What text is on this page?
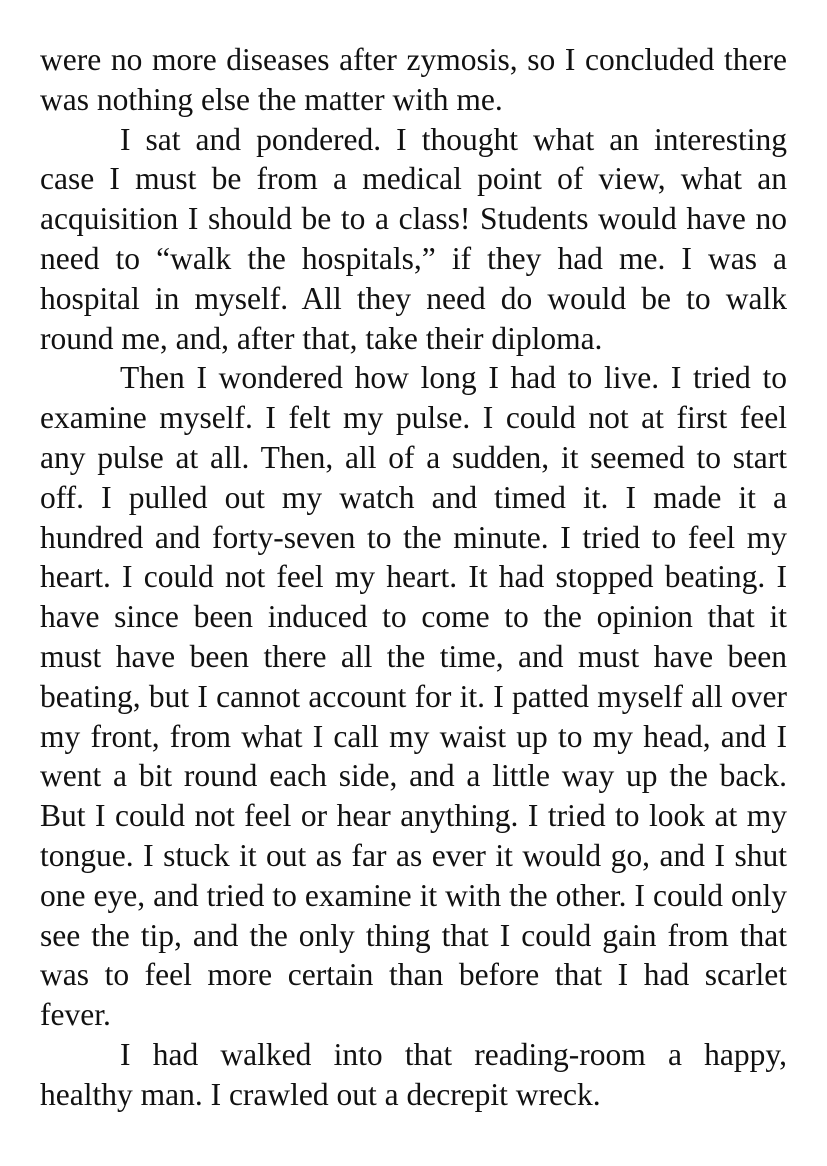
were no more diseases after zymosis, so I concluded there was nothing else the matter with me.

I sat and pondered. I thought what an interesting case I must be from a medical point of view, what an acquisition I should be to a class! Students would have no need to “walk the hospitals,” if they had me. I was a hospital in myself. All they need do would be to walk round me, and, after that, take their diploma.

Then I wondered how long I had to live. I tried to examine myself. I felt my pulse. I could not at first feel any pulse at all. Then, all of a sudden, it seemed to start off. I pulled out my watch and timed it. I made it a hundred and forty-seven to the minute. I tried to feel my heart. I could not feel my heart. It had stopped beating. I have since been induced to come to the opinion that it must have been there all the time, and must have been beating, but I cannot account for it. I patted myself all over my front, from what I call my waist up to my head, and I went a bit round each side, and a little way up the back. But I could not feel or hear anything. I tried to look at my tongue. I stuck it out as far as ever it would go, and I shut one eye, and tried to examine it with the other. I could only see the tip, and the only thing that I could gain from that was to feel more certain than before that I had scarlet fever.

I had walked into that reading-room a happy, healthy man. I crawled out a decrepit wreck.
